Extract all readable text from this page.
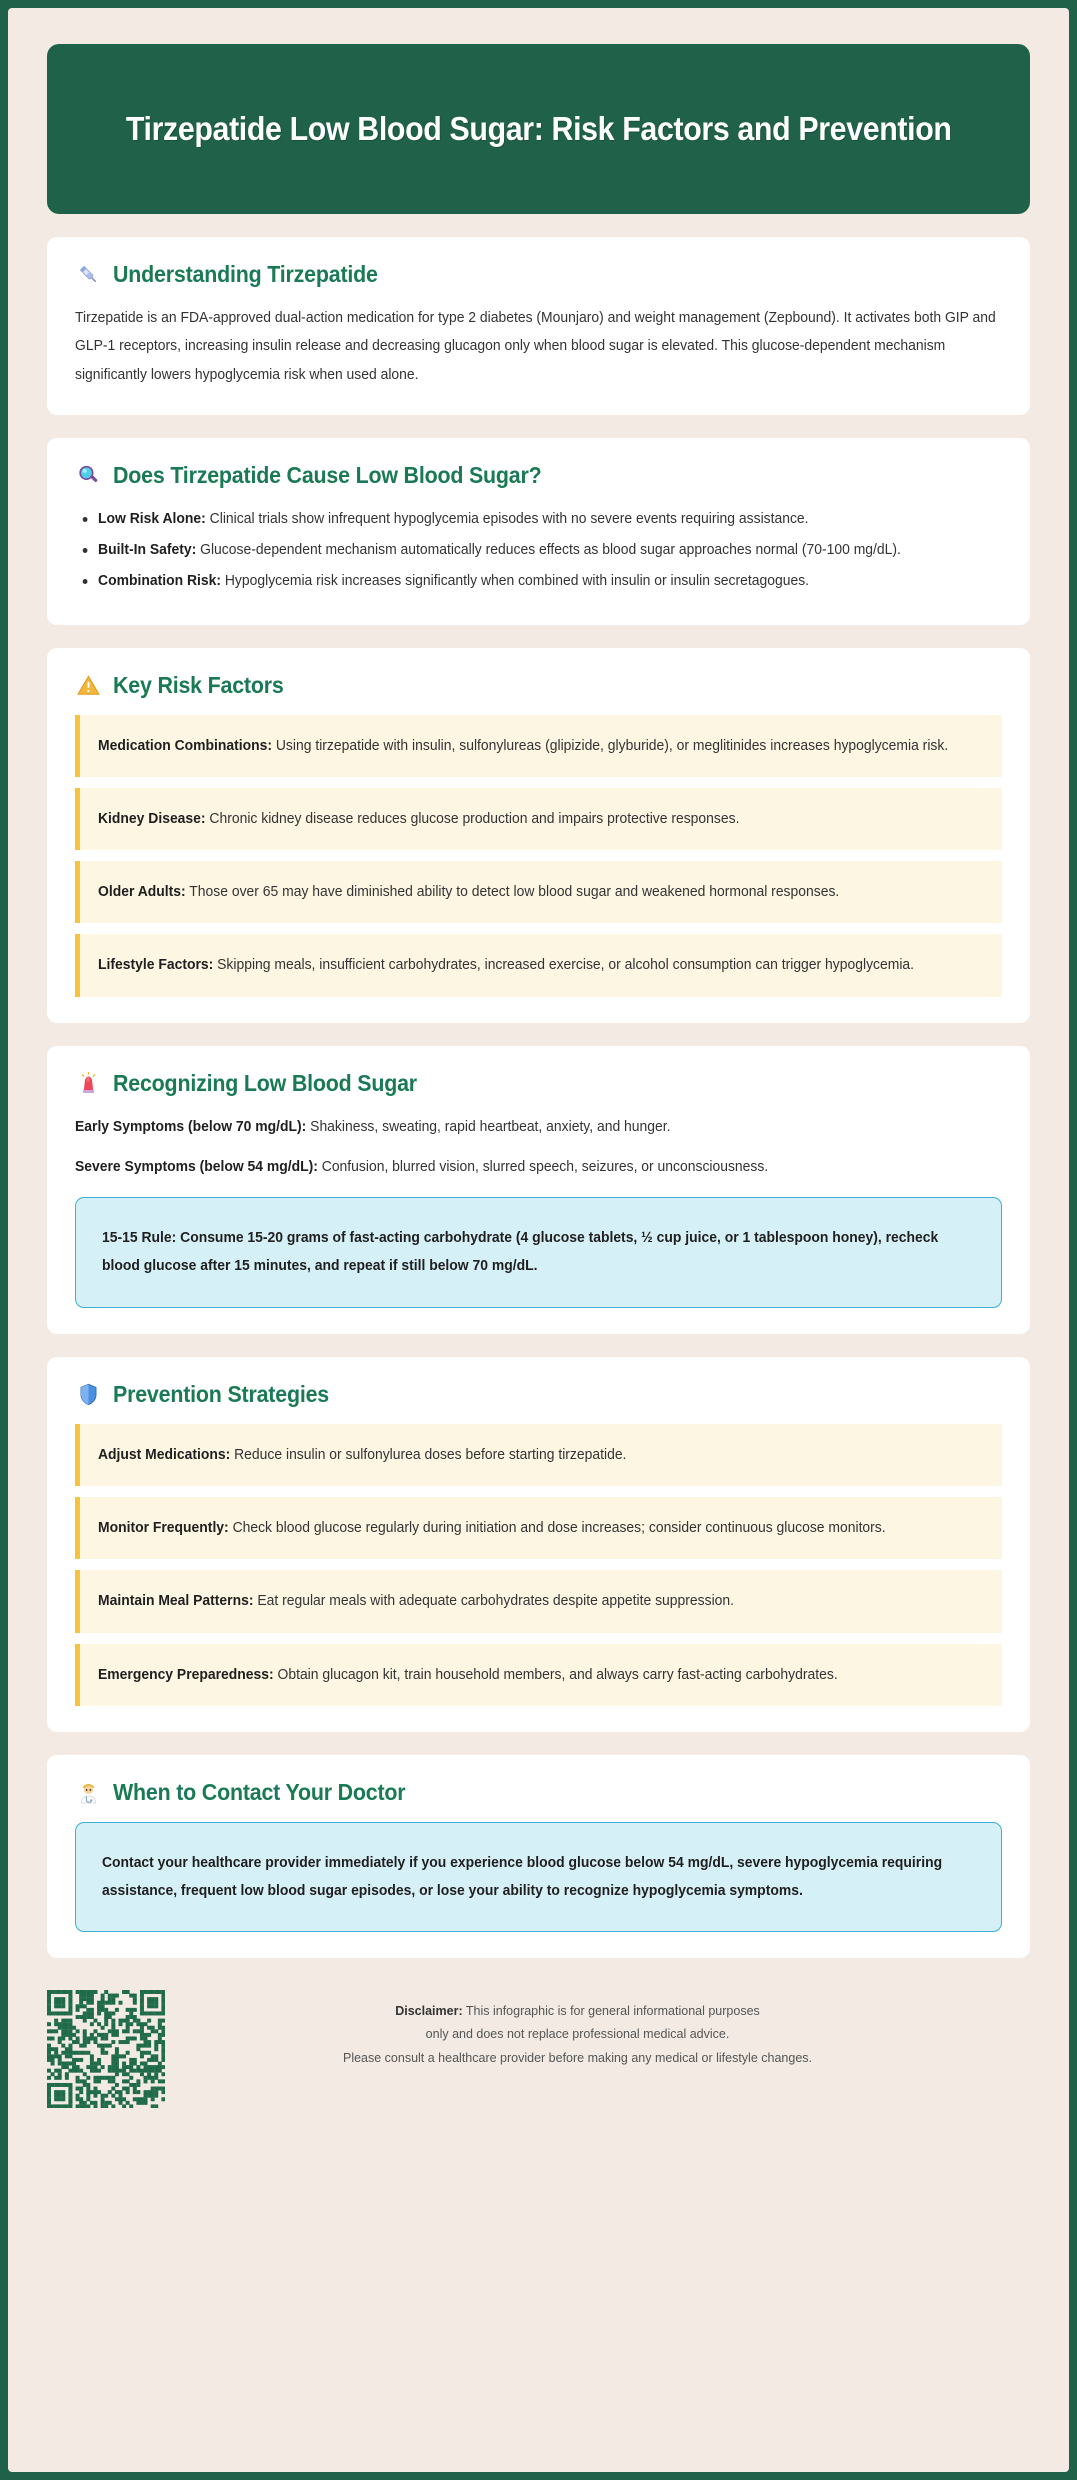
Tirzepatide Low Blood Sugar: Risk Factors and Prevention
Understanding Tirzepatide
Tirzepatide is an FDA-approved dual-action medication for type 2 diabetes (Mounjaro) and weight management (Zepbound). It activates both GIP and GLP-1 receptors, increasing insulin release and decreasing glucagon only when blood sugar is elevated. This glucose-dependent mechanism significantly lowers hypoglycemia risk when used alone.
Does Tirzepatide Cause Low Blood Sugar?
Low Risk Alone: Clinical trials show infrequent hypoglycemia episodes with no severe events requiring assistance.
Built-In Safety: Glucose-dependent mechanism automatically reduces effects as blood sugar approaches normal (70-100 mg/dL).
Combination Risk: Hypoglycemia risk increases significantly when combined with insulin or insulin secretagogues.
Key Risk Factors
Medication Combinations: Using tirzepatide with insulin, sulfonylureas (glipizide, glyburide), or meglitinides increases hypoglycemia risk.
Kidney Disease: Chronic kidney disease reduces glucose production and impairs protective responses.
Older Adults: Those over 65 may have diminished ability to detect low blood sugar and weakened hormonal responses.
Lifestyle Factors: Skipping meals, insufficient carbohydrates, increased exercise, or alcohol consumption can trigger hypoglycemia.
Recognizing Low Blood Sugar
Early Symptoms (below 70 mg/dL): Shakiness, sweating, rapid heartbeat, anxiety, and hunger.
Severe Symptoms (below 54 mg/dL): Confusion, blurred vision, slurred speech, seizures, or unconsciousness.
15-15 Rule: Consume 15-20 grams of fast-acting carbohydrate (4 glucose tablets, ½ cup juice, or 1 tablespoon honey), recheck blood glucose after 15 minutes, and repeat if still below 70 mg/dL.
Prevention Strategies
Adjust Medications: Reduce insulin or sulfonylurea doses before starting tirzepatide.
Monitor Frequently: Check blood glucose regularly during initiation and dose increases; consider continuous glucose monitors.
Maintain Meal Patterns: Eat regular meals with adequate carbohydrates despite appetite suppression.
Emergency Preparedness: Obtain glucagon kit, train household members, and always carry fast-acting carbohydrates.
When to Contact Your Doctor
Contact your healthcare provider immediately if you experience blood glucose below 54 mg/dL, severe hypoglycemia requiring assistance, frequent low blood sugar episodes, or lose your ability to recognize hypoglycemia symptoms.
Disclaimer: This infographic is for general informational purposes
only and does not replace professional medical advice.
Please consult a healthcare provider before making any medical or lifestyle changes.
